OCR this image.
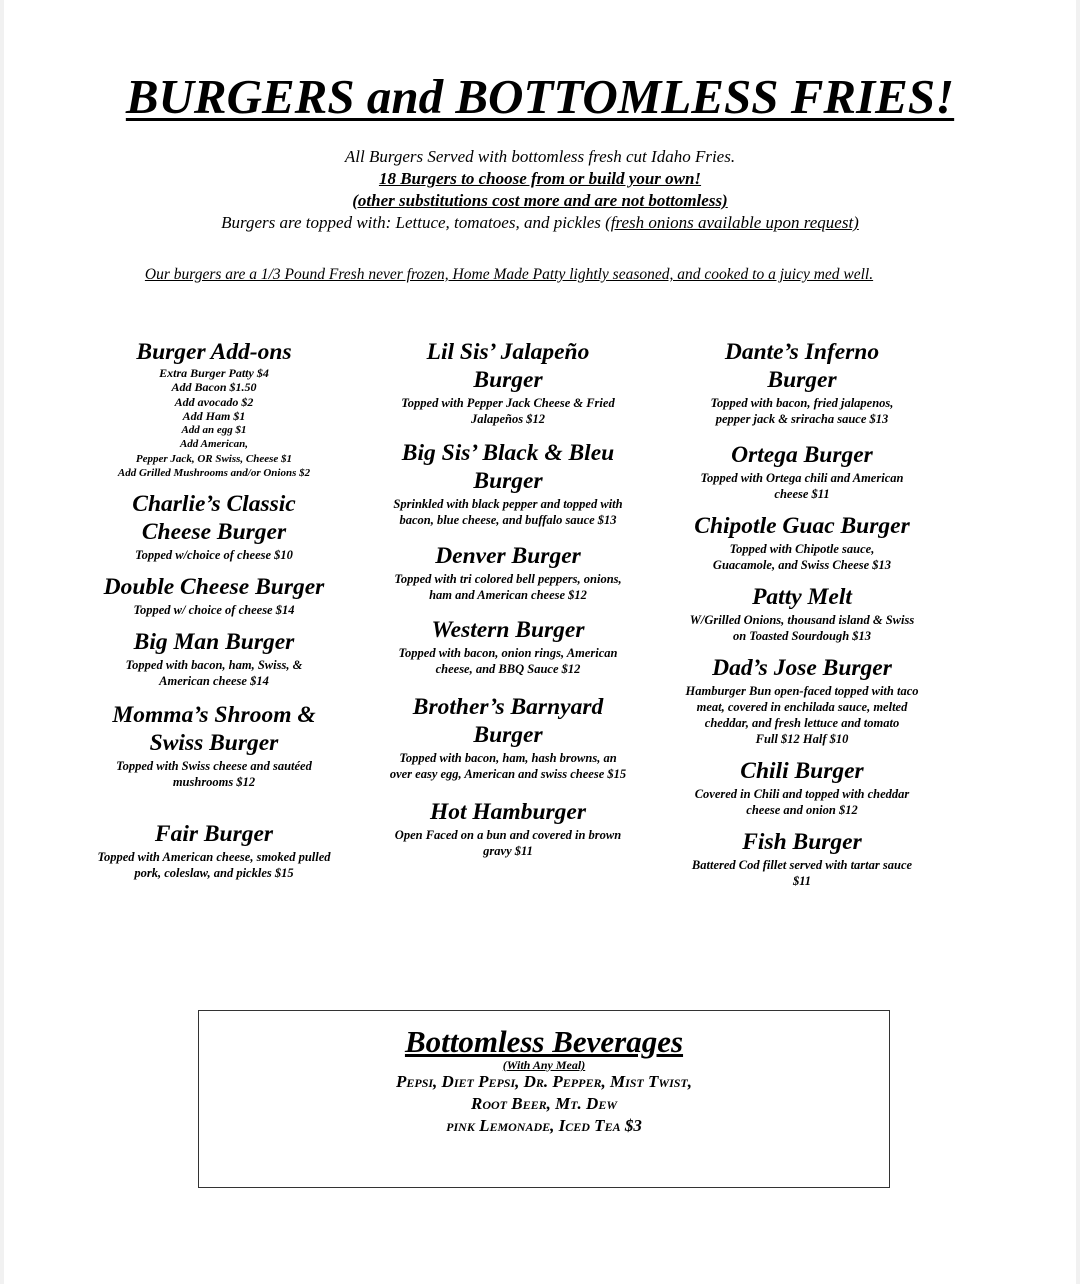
BURGERS and BOTTOMLESS FRIES!
All Burgers Served with bottomless fresh cut Idaho Fries.
18 Burgers to choose from or build your own!
(other substitutions cost more and are not bottomless)
Burgers are topped with: Lettuce, tomatoes, and pickles (fresh onions available upon request)
Our burgers are a 1/3 Pound Fresh never frozen, Home Made Patty lightly seasoned, and cooked to a juicy med well.
Burger Add-ons
Extra Burger Patty $4
Add Bacon $1.50
Add avocado $2
Add Ham $1
Add an egg $1
Add American,
Pepper Jack, OR Swiss, Cheese $1
Add Grilled Mushrooms and/or Onions $2
Charlie’s Classic Cheese Burger
Topped w/choice of cheese $10
Double Cheese Burger
Topped w/ choice of cheese $14
Big Man Burger
Topped with bacon, ham, Swiss, & American cheese $14
Momma’s Shroom & Swiss Burger
Topped with Swiss cheese and sautéed mushrooms $12
Fair Burger
Topped with American cheese, smoked pulled pork, coleslaw, and pickles $15
Lil Sis’ Jalapeño Burger
Topped with Pepper Jack Cheese & Fried Jalapeños $12
Big Sis’ Black & Bleu Burger
Sprinkled with black pepper and topped with bacon, blue cheese, and buffalo sauce $13
Denver Burger
Topped with tri colored bell peppers, onions, ham and American cheese $12
Western Burger
Topped with bacon, onion rings, American cheese, and BBQ Sauce $12
Brother’s Barnyard Burger
Topped with bacon, ham, hash browns, an over easy egg, American and swiss cheese $15
Hot Hamburger
Open Faced on a bun and covered in brown gravy $11
Dante’s Inferno Burger
Topped with bacon, fried jalapenos, pepper jack & sriracha sauce $13
Ortega Burger
Topped with Ortega chili and American cheese $11
Chipotle Guac Burger
Topped with Chipotle sauce, Guacamole, and Swiss Cheese $13
Patty Melt
W/Grilled Onions, thousand island & Swiss on Toasted Sourdough $13
Dad’s Jose Burger
Hamburger Bun open-faced topped with taco meat, covered in enchilada sauce, melted cheddar, and fresh lettuce and tomato
Full $12 Half $10
Chili Burger
Covered in Chili and topped with cheddar cheese and onion $12
Fish Burger
Battered Cod fillet served with tartar sauce $11
Bottomless Beverages
(With Any Meal)
Pepsi, Diet Pepsi, Dr. Pepper, Mist Twist,
Root Beer, Mt. Dew
pink Lemonade, Iced Tea $3
